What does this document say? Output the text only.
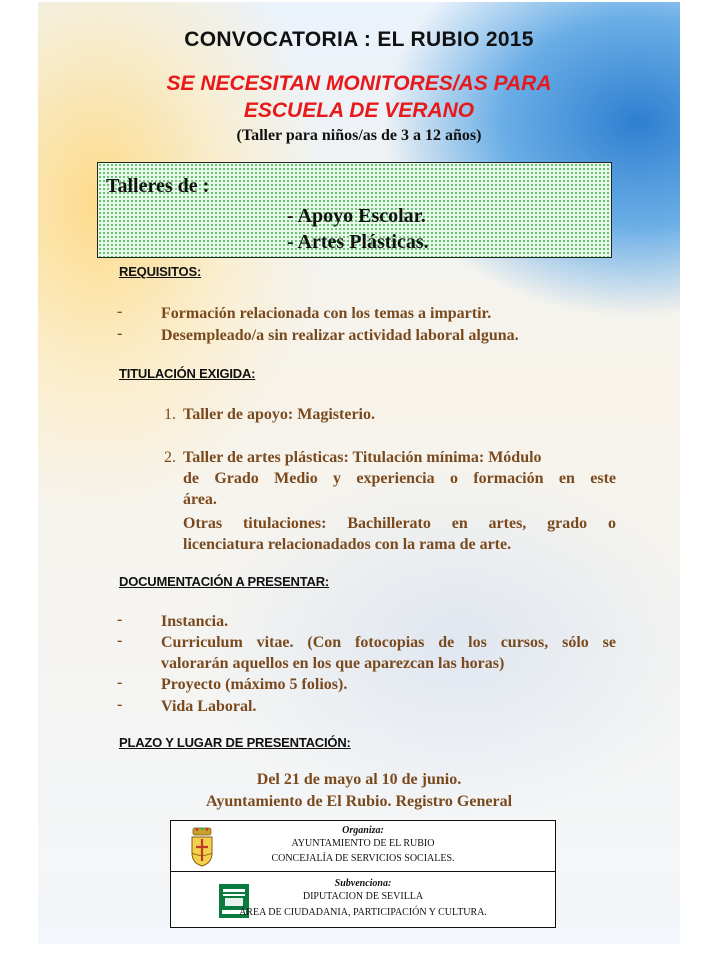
CONVOCATORIA : EL RUBIO 2015
SE NECESITAN MONITORES/AS PARA
ESCUELA DE VERANO
(Taller para niños/as de 3 a 12 años)
Talleres de :
- Apoyo Escolar.
- Artes Plásticas.
REQUISITOS:
- Formación relacionada con los temas a impartir.
- Desempleado/a sin realizar actividad laboral alguna.
TITULACIÓN EXIGIDA:
1. Taller de apoyo: Magisterio.
2. Taller de artes plásticas: Titulación mínima: Módulo
de Grado Medio y experiencia o formación en este
área.
Otras titulaciones: Bachillerato en artes, grado o
licenciatura relacionadados con la rama de arte.
DOCUMENTACIÓN A PRESENTAR:
- Instancia.
- Curriculum vitae. (Con fotocopias de los cursos, sólo se
valorarán aquellos en los que aparezcan las horas)
- Proyecto (máximo 5 folios).
- Vida Laboral.
PLAZO Y LUGAR DE PRESENTACIÓN:
Del 21 de mayo al 10 de junio.
Ayuntamiento de El Rubio. Registro General
Organiza:
AYUNTAMIENTO DE EL RUBIO
CONCEJALÍA DE SERVICIOS SOCIALES.
Subvenciona:
DIPUTACION DE SEVILLA
ÁREA DE CIUDADANIA, PARTICIPACIÓN Y CULTURA.
